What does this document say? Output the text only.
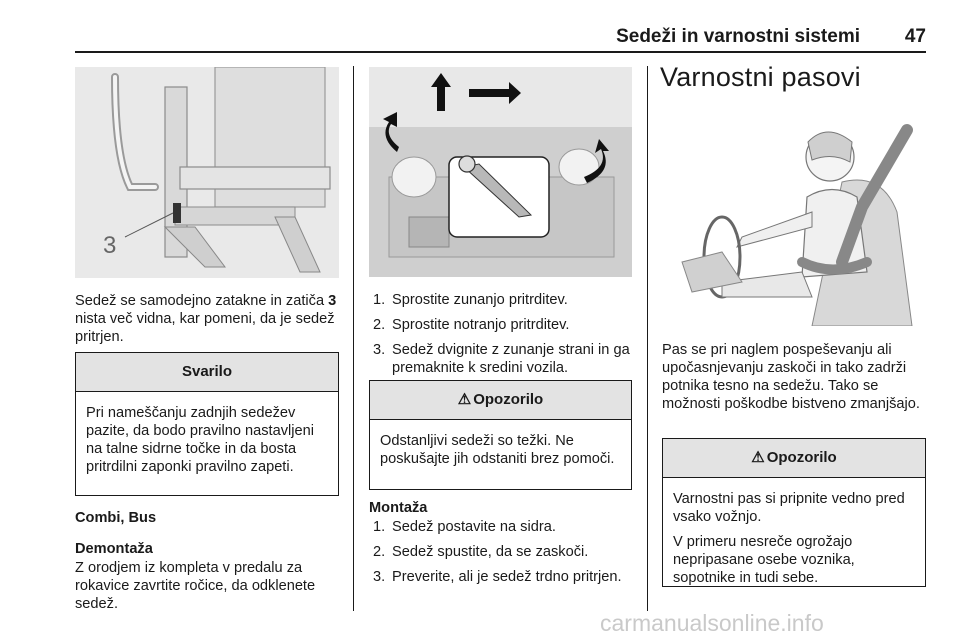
Sedeži in varnostni sistemi	47
3

Sedež se samodejno zatakne in zatiča 3 nista več vidna, kar pomeni, da je sedež pritrjen.

Svarilo

Pri nameščanju zadnjih sedežev pazite, da bodo pravilno nastavljeni na talne sidrne točke in da bosta pritrdilni zaponki pravilno zapeti.

Combi, Bus
Demontaža

Z orodjem iz kompleta v predalu za rokavice zavrtite ročice, da odklenete sedež.

1. Sprostite zunanjo pritrditev.
2. Sprostite notranjo pritrditev.
3. Sedež dvignite z zunanje strani in ga premaknite k sredini vozila.
⚠ Opozorilo

Odstanljivi sedeži so težki. Ne poskušajte jih odstaniti brez pomoči.

Montaža
1. Sedež postavite na sidra.
2. Sedež spustite, da se zaskoči.
3. Preverite, ali je sedež trdno pritrjen.
Varnostni pasovi

Pas se pri naglem pospeševanju ali upočasnjevanju zaskoči in tako zadrži potnika tesno na sedežu. Tako se možnosti poškodbe bistveno zmanjšajo.

⚠ Opozorilo

Varnostni pas si pripnite vedno pred vsako vožnjo.

V primeru nesreče ogrožajo nepripasane osebe voznika, sopotnike in tudi sebe.

carmanualsonline.info
